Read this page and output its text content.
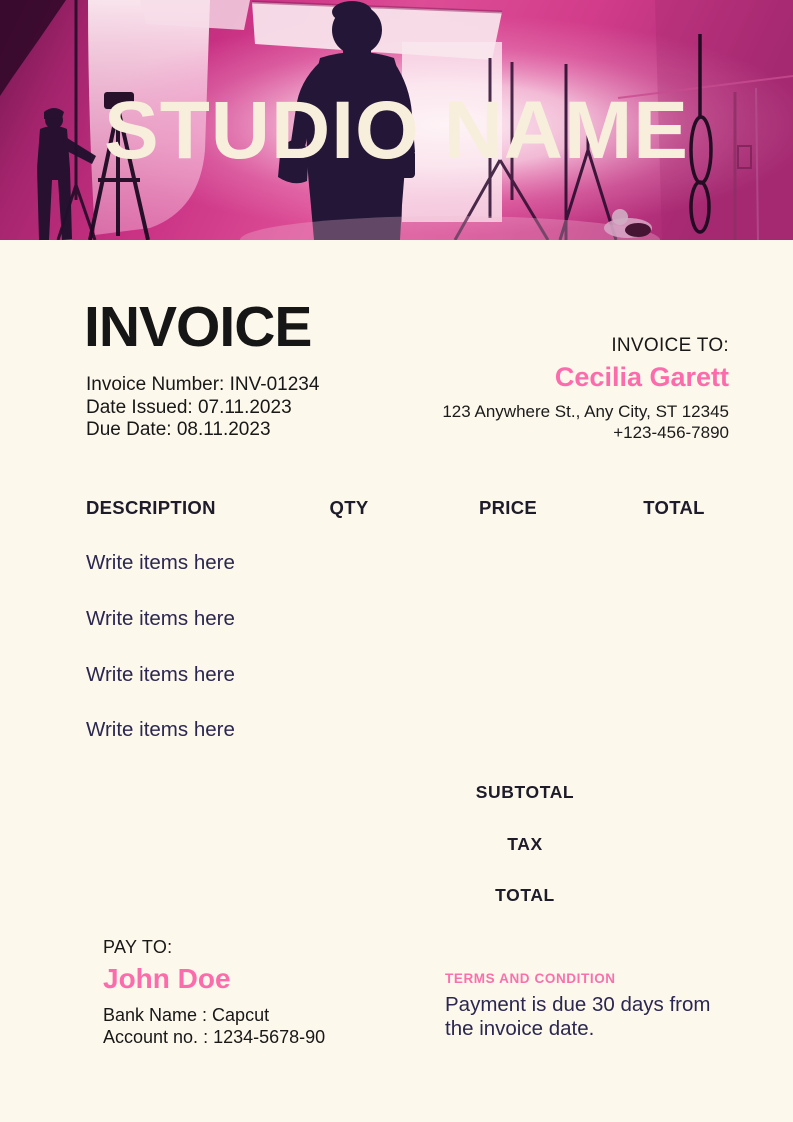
STUDIO NAME
INVOICE
Invoice Number: INV-01234
Date Issued: 07.11.2023
Due Date: 08.11.2023
INVOICE TO:
Cecilia Garett
123 Anywhere St., Any City, ST 12345
+123-456-7890
DESCRIPTION	QTY	PRICE	TOTAL
Write items here
Write items here
Write items here
Write items here
SUBTOTAL
TAX
TOTAL
PAY TO:
John Doe
Bank Name : Capcut
Account no. : 1234-5678-90
TERMS AND CONDITION
Payment is due 30 days from the invoice date.
